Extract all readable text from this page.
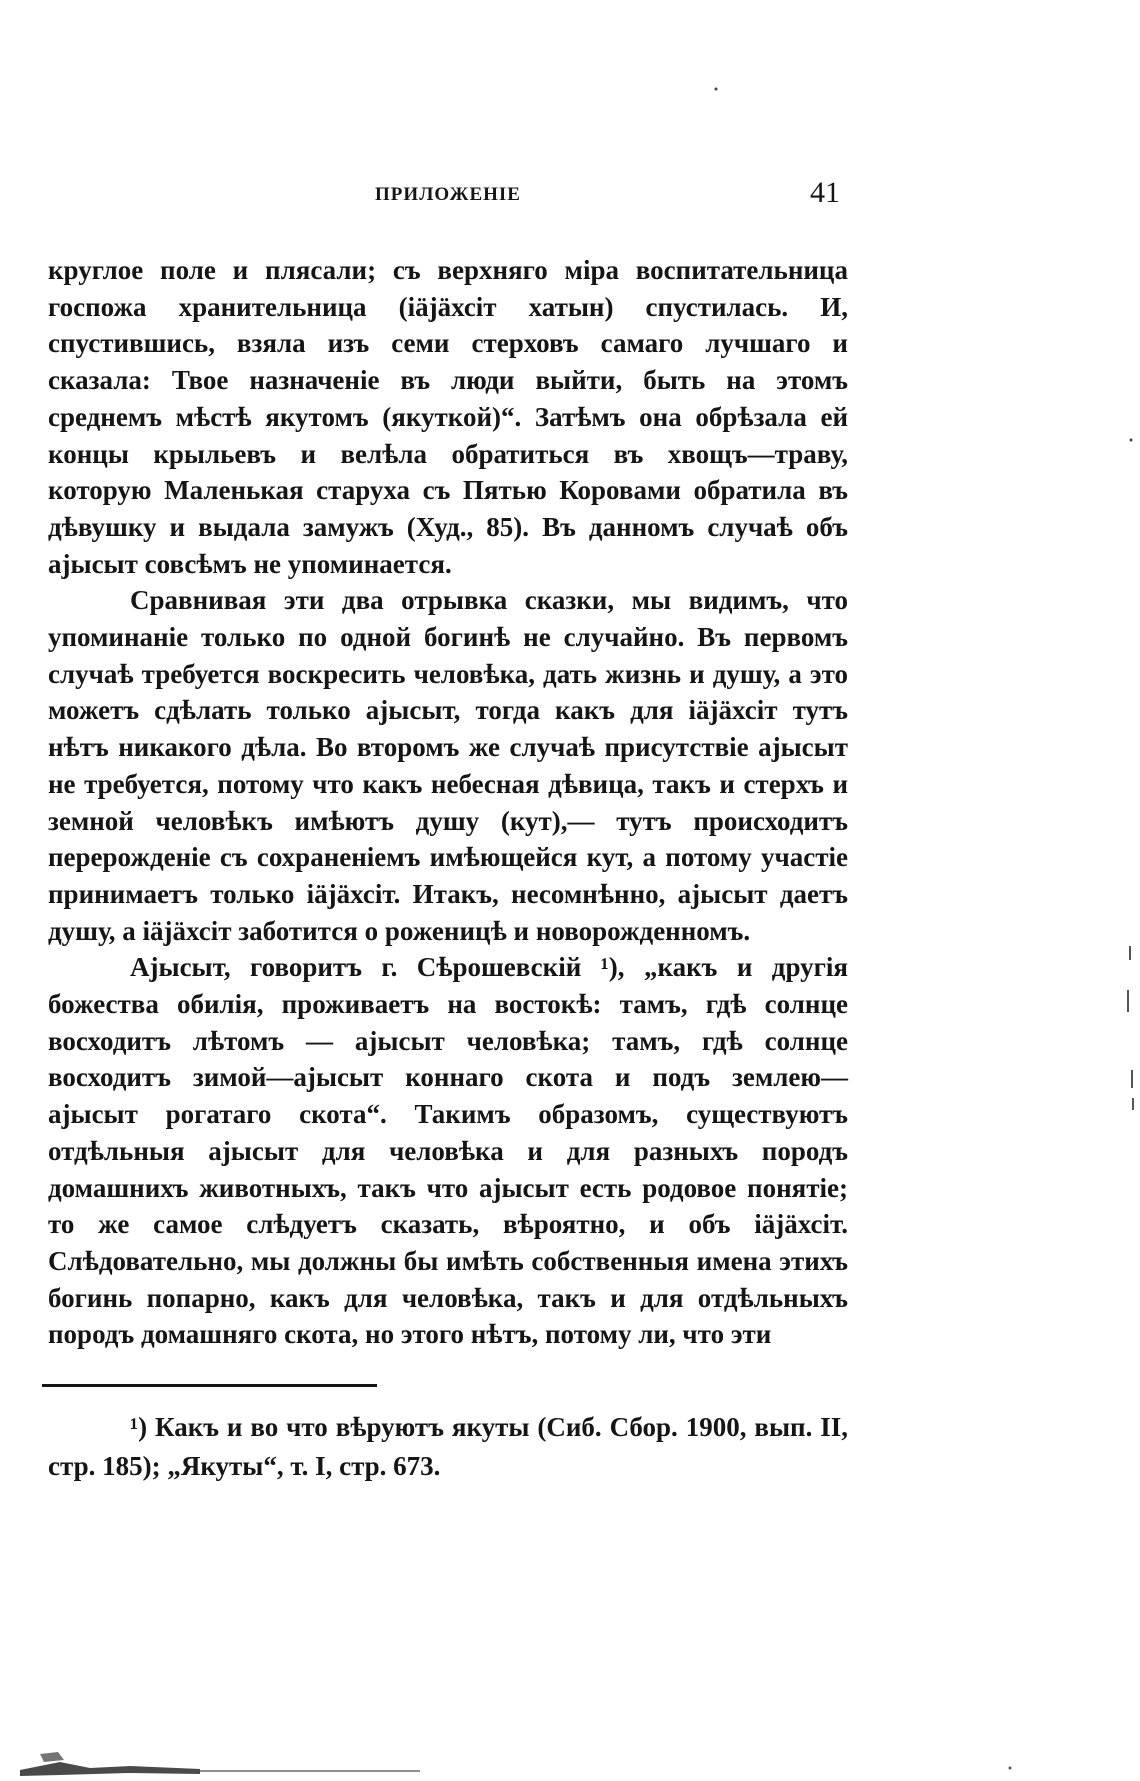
ПРИЛОЖЕНIЕ	41

круглое поле и плясали; съ верхняго міра воспитательница госпожа хранительница (іäjäхсіт хатын) спустилась. И, спустившись, взяла изъ семи стерховъ самаго лучшаго и сказала: Твое назначенiе въ люди выйти, быть на этомъ среднемъ мѣстѣ якутомъ (якуткой)“. Затѣмъ она обрѣзала ей концы крыльевъ и велѣла обратиться въ хвощъ—траву, которую Маленькая старуха съ Пятью Коровами обратила въ дѣвушку и выдала замужъ (Худ., 85). Въ данномъ случаѣ объ аjысыт совсѣмъ не упоминается.

Сравнивая эти два отрывка сказки, мы видимъ, что упоминанiе только по одной богинѣ не случайно. Въ первомъ случаѣ требуется воскресить человѣка, дать жизнь и душу, а это можетъ сдѣлать только аjысыт, тогда какъ для іäjäхсіт тутъ нѣтъ никакого дѣла. Во второмъ же случаѣ присутствiе аjысыт не требуется, потому что какъ небесная дѣвица, такъ и стерхъ и земной человѣкъ имѣютъ душу (кут),— тутъ происходитъ перерожденiе съ сохраненiемъ имѣющейся кут, а потому участiе принимаетъ только іäjäхсіт. Итакъ, несомнѣнно, аjысыт даетъ душу, а іäjäхсіт заботится о роженицѣ и новорожденномъ.

Аjысыт, говоритъ г. Сѣрошевскiй ¹), „какъ и другiя божества обилiя, проживаетъ на востокѣ: тамъ, гдѣ солнце восходитъ лѣтомъ — аjысыт человѣка; тамъ, гдѣ солнце восходитъ зимой—аjысыт коннаго скота и подъ землею— аjысыт рогатаго скота“. Такимъ образомъ, существуютъ отдѣльныя аjысыт для человѣка и для разныхъ породъ домашнихъ животныхъ, такъ что аjысыт есть родовое понятiе; то же самое слѣдуетъ сказать, вѣроятно, и объ іäjäхсіт. Слѣдовательно, мы должны бы имѣть собственныя имена этихъ богинь попарно, какъ для человѣка, такъ и для отдѣльныхъ породъ домашняго скота, но этого нѣтъ, потому ли, что эти

¹) Какъ и во что вѣруютъ якуты (Сиб. Сбор. 1900, вып. II, стр. 185); „Якуты“, т. I, стр. 673.
